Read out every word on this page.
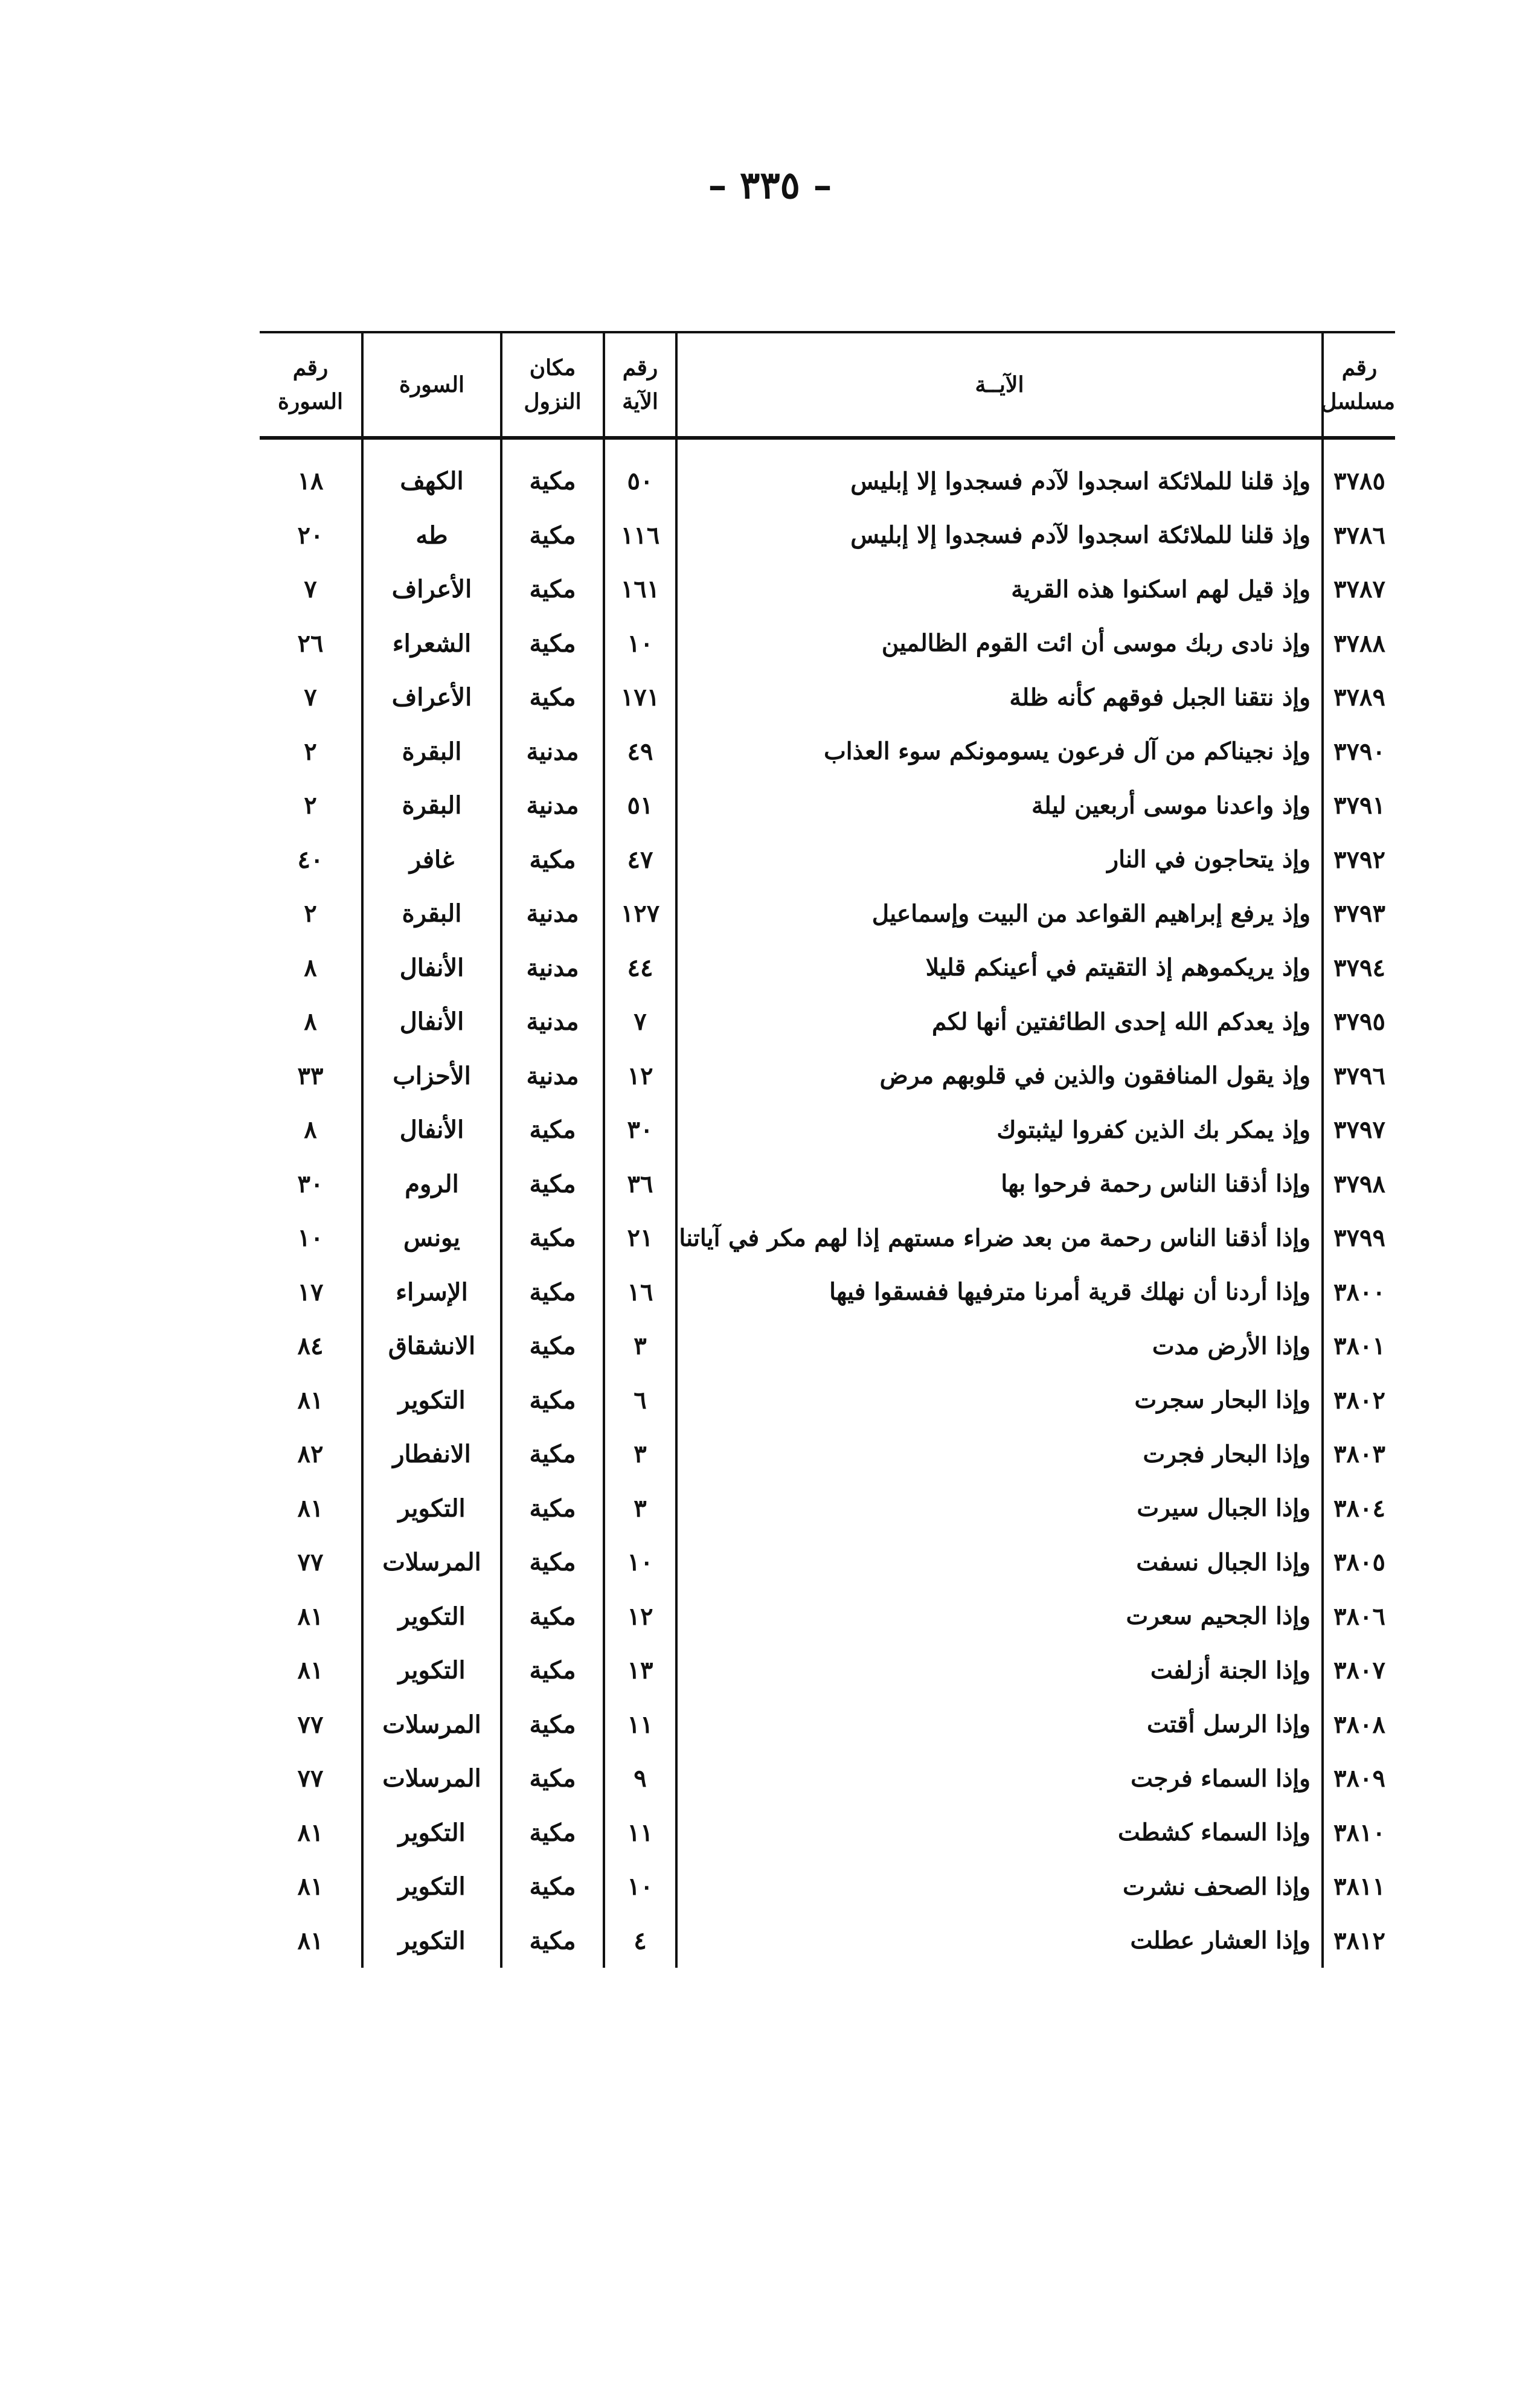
– ٣٣٥ –
رقم مسلسل	الآيــة	رقم الآية	مكان النزول	السورة	رقم السورة
٣٧٨٥	وإذ قلنا للملائكة اسجدوا لآدم فسجدوا إلا إبليس	٥٠	مكية	الكهف	١٨
٣٧٨٦	وإذ قلنا للملائكة اسجدوا لآدم فسجدوا إلا إبليس	١١٦	مكية	طه	٢٠
٣٧٨٧	وإذ قيل لهم اسكنوا هذه القرية	١٦١	مكية	الأعراف	٧
٣٧٨٨	وإذ نادى ربك موسى أن ائت القوم الظالمين	١٠	مكية	الشعراء	٢٦
٣٧٨٩	وإذ نتقنا الجبل فوقهم كأنه ظلة	١٧١	مكية	الأعراف	٧
٣٧٩٠	وإذ نجيناكم من آل فرعون يسومونكم سوء العذاب	٤٩	مدنية	البقرة	٢
٣٧٩١	وإذ واعدنا موسى أربعين ليلة	٥١	مدنية	البقرة	٢
٣٧٩٢	وإذ يتحاجون في النار	٤٧	مكية	غافر	٤٠
٣٧٩٣	وإذ يرفع إبراهيم القواعد من البيت وإسماعيل	١٢٧	مدنية	البقرة	٢
٣٧٩٤	وإذ يريكموهم إذ التقيتم في أعينكم قليلا	٤٤	مدنية	الأنفال	٨
٣٧٩٥	وإذ يعدكم الله إحدى الطائفتين أنها لكم	٧	مدنية	الأنفال	٨
٣٧٩٦	وإذ يقول المنافقون والذين في قلوبهم مرض	١٢	مدنية	الأحزاب	٣٣
٣٧٩٧	وإذ يمكر بك الذين كفروا ليثبتوك	٣٠	مكية	الأنفال	٨
٣٧٩٨	وإذا أذقنا الناس رحمة فرحوا بها	٣٦	مكية	الروم	٣٠
٣٧٩٩	وإذا أذقنا الناس رحمة من بعد ضراء مستهم إذا لهم مكر في آياتنا	٢١	مكية	يونس	١٠
٣٨٠٠	وإذا أردنا أن نهلك قرية أمرنا مترفيها ففسقوا فيها	١٦	مكية	الإسراء	١٧
٣٨٠١	وإذا الأرض مدت	٣	مكية	الانشقاق	٨٤
٣٨٠٢	وإذا البحار سجرت	٦	مكية	التكوير	٨١
٣٨٠٣	وإذا البحار فجرت	٣	مكية	الانفطار	٨٢
٣٨٠٤	وإذا الجبال سيرت	٣	مكية	التكوير	٨١
٣٨٠٥	وإذا الجبال نسفت	١٠	مكية	المرسلات	٧٧
٣٨٠٦	وإذا الجحيم سعرت	١٢	مكية	التكوير	٨١
٣٨٠٧	وإذا الجنة أزلفت	١٣	مكية	التكوير	٨١
٣٨٠٨	وإذا الرسل أقتت	١١	مكية	المرسلات	٧٧
٣٨٠٩	وإذا السماء فرجت	٩	مكية	المرسلات	٧٧
٣٨١٠	وإذا السماء كشطت	١١	مكية	التكوير	٨١
٣٨١١	وإذا الصحف نشرت	١٠	مكية	التكوير	٨١
٣٨١٢	وإذا العشار عطلت	٤	مكية	التكوير	٨١
